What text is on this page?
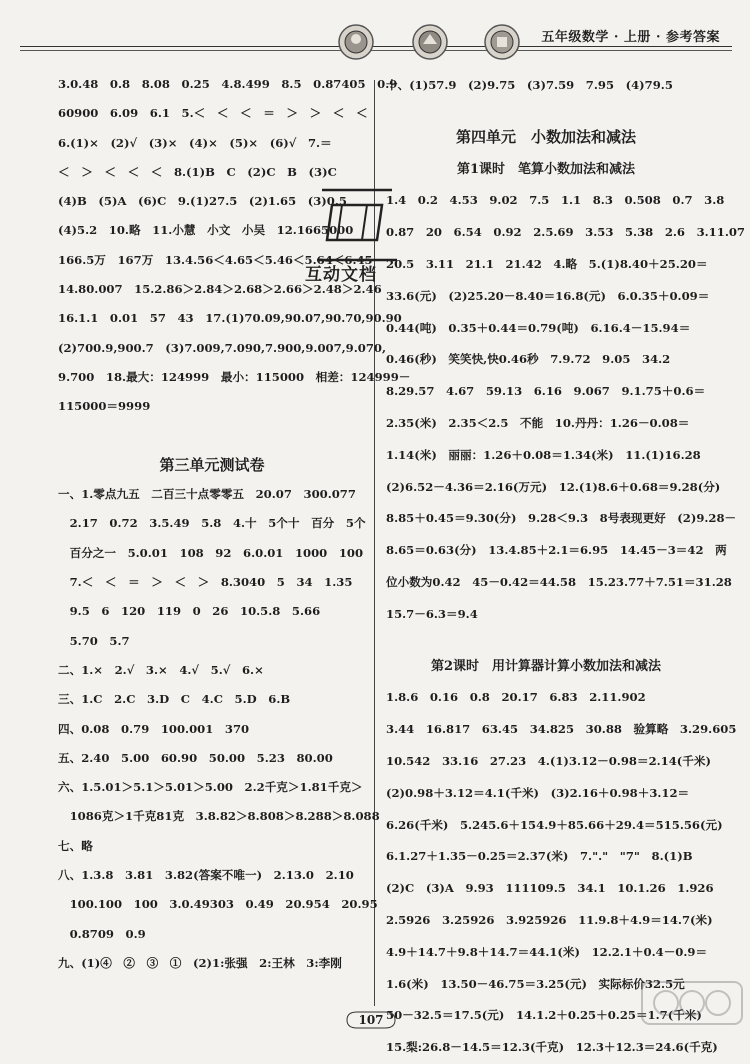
五年级数学 · 上册 · 参考答案
3.0.48　0.8　8.08　0.25　4.8.499　8.5　0.87405　0.9
60900　6.09　6.1　5.＜　＜　＜　＝　＞　＞　＜　＜
6.(1)×　(2)√　(3)×　(4)×　(5)×　(6)√　7.＝
＜　＞　＜　＜　＜　8.(1)B　C　(2)C　B　(3)C
(4)B　(5)A　(6)C　9.(1)27.5　(2)1.65　(3)0.5
(4)5.2　10.略　11.小慧　小文　小吴　12.1665000
166.5万　167万　13.4.56＜4.65＜5.46＜5.64＜6.45
14.80.007　15.2.86＞2.84＞2.68＞2.66＞2.48＞2.46
16.1.1　0.01　57　43　17.(1)70.09,90.07,90.70,90.90
(2)700.9,900.7　(3)7.009,7.090,7.900,9.007,9.070,
9.700　18.最大：124999　最小：115000　相差：124999－
115000＝9999
第三单元测试卷
一、1.零点九五　二百三十点零零五　20.07　300.077
　2.17　0.72　3.5.49　5.8　4.十　5个十　百分　5个
　百分之一　5.0.01　108　92　6.0.01　1000　100
　7.＜　＜　＝　＞　＜　＞　8.3040　5　34　1.35
　9.5　6　120　119　0　26　10.5.8　5.66
　5.70　5.7
二、1.×　2.√　3.×　4.√　5.√　6.×
三、1.C　2.C　3.D　C　4.C　5.D　6.B
四、0.08　0.79　100.001　370
五、2.40　5.00　60.90　50.00　5.23　80.00
六、1.5.01＞5.1＞5.01＞5.00　2.2千克＞1.81千克＞
　1086克＞1千克81克　3.8.82＞8.808＞8.288＞8.088
七、略
八、1.3.8　3.81　3.82(答案不唯一)　2.13.0　2.10
　100.100　100　3.0.49303　0.49　20.954　20.95
　0.8709　0.9
九、(1)④　②　③　①　(2)1:张强　2:王林　3:李刚
十、(1)57.9　(2)9.75　(3)7.59　7.95　(4)79.5
第四单元　小数加法和减法
第1课时　笔算小数加法和减法
1.4　0.2　4.53　9.02　7.5　1.1　8.3　0.508　0.7　3.8
0.87　20　6.54　0.92　2.5.69　3.53　5.38　2.6　3.11.07
20.5　3.11　21.1　21.42　4.略　5.(1)8.40＋25.20＝
33.6(元)　(2)25.20－8.40＝16.8(元)　6.0.35＋0.09＝
0.44(吨)　0.35＋0.44＝0.79(吨)　6.16.4－15.94＝
0.46(秒)　笑笑快,快0.46秒　7.9.72　9.05　34.2
8.29.57　4.67　59.13　6.16　9.067　9.1.75＋0.6＝
2.35(米)　2.35＜2.5　不能　10.丹丹：1.26－0.08＝
1.14(米)　丽丽：1.26＋0.08＝1.34(米)　11.(1)16.28
(2)6.52－4.36＝2.16(万元)　12.(1)8.6＋0.68＝9.28(分)
8.85＋0.45＝9.30(分)　9.28＜9.3　8号表现更好　(2)9.28－
8.65＝0.63(分)　13.4.85＋2.1＝6.95　14.45－3＝42　两
位小数为0.42　45－0.42＝44.58　15.23.77＋7.51＝31.28
15.7－6.3＝9.4
第2课时　用计算器计算小数加法和减法
1.8.6　0.16　0.8　20.17　6.83　2.11.902
3.44　16.817　63.45　34.825　30.88　验算略　3.29.605
10.542　33.16　27.23　4.(1)3.12－0.98＝2.14(千米)
(2)0.98＋3.12＝4.1(千米)　(3)2.16＋0.98＋3.12＝
6.26(千米)　5.245.6＋154.9＋85.66＋29.4＝515.56(元)
6.1.27＋1.35－0.25＝2.37(米)　7."."　"7"　8.(1)B
(2)C　(3)A　9.93　111109.5　34.1　10.1.26　1.926
2.5926　3.25926　3.925926　11.9.8＋4.9＝14.7(米)
4.9＋14.7＋9.8＋14.7＝44.1(米)　12.2.1＋0.4－0.9＝
1.6(米)　13.50－46.75＝3.25(元)　实际标价32.5元
50－32.5＝17.5(元)　14.1.2＋0.25＋0.25＝1.7(千米)
15.梨:26.8－14.5＝12.3(千克)　12.3＋12.3＝24.6(千克)
互动文档
107
